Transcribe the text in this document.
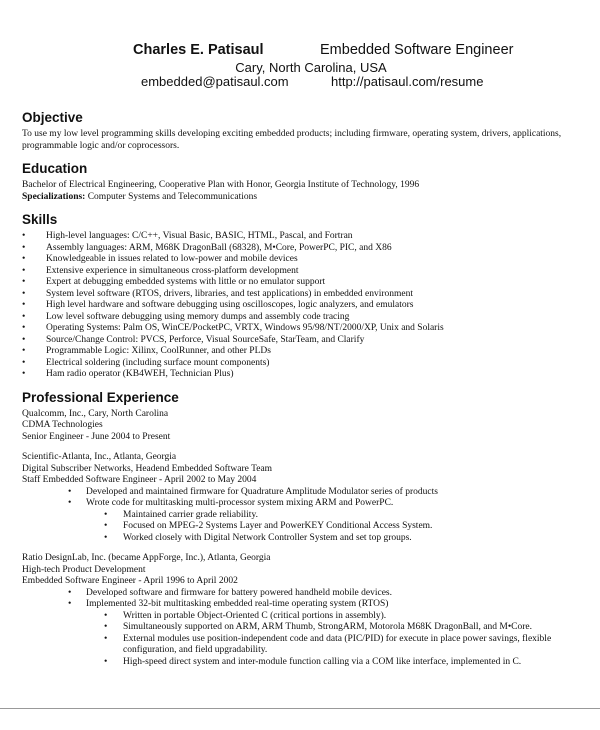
Charles E. Patisaul	Embedded Software Engineer
Cary, North Carolina, USA
embedded@patisaul.com	http://patisaul.com/resume
Objective

To use my low level programming skills developing exciting embedded products; including firmware, operating system, drivers, applications, programmable logic and/or coprocessors.

Education

Bachelor of Electrical Engineering, Cooperative Plan with Honor, Georgia Institute of Technology, 1996

Specializations: Computer Systems and Telecommunications

Skills
• High-level languages: C/C++, Visual Basic, BASIC, HTML, Pascal, and Fortran
• Assembly languages: ARM, M68K DragonBall (68328), M•Core, PowerPC, PIC, and X86
• Knowledgeable in issues related to low-power and mobile devices
• Extensive experience in simultaneous cross-platform development
• Expert at debugging embedded systems with little or no emulator support
• System level software (RTOS, drivers, libraries, and test applications) in embedded environment
• High level hardware and software debugging using oscilloscopes, logic analyzers, and emulators
• Low level software debugging using memory dumps and assembly code tracing
• Operating Systems: Palm OS, WinCE/PocketPC, VRTX, Windows 95/98/NT/2000/XP, Unix and Solaris
• Source/Change Control: PVCS, Perforce, Visual SourceSafe, StarTeam, and Clarify
• Programmable Logic: Xilinx, CoolRunner, and other PLDs
• Electrical soldering (including surface mount components)
• Ham radio operator (KB4WEH, Technician Plus)
Professional Experience

Qualcomm, Inc., Cary, North Carolina

CDMA Technologies

Senior Engineer - June 2004 to Present

Scientific-Atlanta, Inc., Atlanta, Georgia

Digital Subscriber Networks, Headend Embedded Software Team

Staff Embedded Software Engineer - April 2002 to May 2004

• Developed and maintained firmware for Quadrature Amplitude Modulator series of products
• Wrote code for multitasking multi-processor system mixing ARM and PowerPC.
• Maintained carrier grade reliability.
• Focused on MPEG-2 Systems Layer and PowerKEY Conditional Access System.
• Worked closely with Digital Network Controller System and set top groups.

Ratio DesignLab, Inc. (became AppForge, Inc.), Atlanta, Georgia

High-tech Product Development

Embedded Software Engineer - April 1996 to April 2002

• Developed software and firmware for battery powered handheld mobile devices.
• Implemented 32-bit multitasking embedded real-time operating system (RTOS)
• Written in portable Object-Oriented C (critical portions in assembly).
• Simultaneously supported on ARM, ARM Thumb, StrongARM, Motorola M68K DragonBall, and M•Core.
• External modules use position-independent code and data (PIC/PID) for execute in place power savings, flexible configuration, and field upgradability.
• High-speed direct system and inter-module function calling via a COM like interface, implemented in C.
